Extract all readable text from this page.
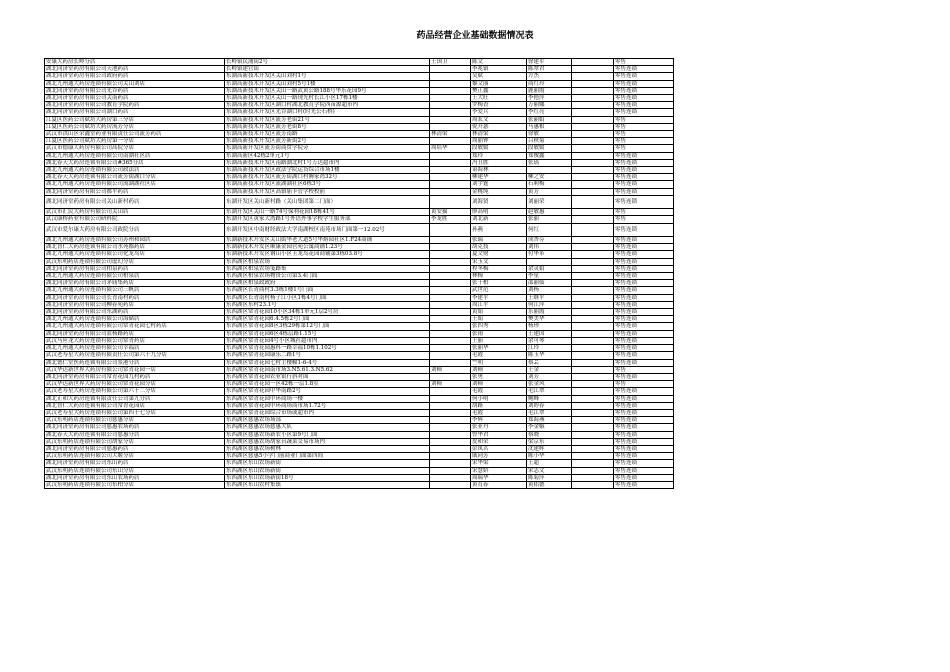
药品经营企业基础数据情况表
安康大药房长岭分店	长岭镇民浦街2号	王国卫	陈文	徐建军		零售
湖北同济堂药房有限公司天池药店	长岭镇建官街		李兆镇	陈翠君		零售连锁
湖北同济堂药房有限公司政府药店	东湖高新技术开发区关山刘村1号		吴斌	方杰		零售连锁
湖北九州通大药房连锁有限公司关山刘店	东湖高新技术开发区关山刘村5号1楼		黎文丽	商红玲		零售连锁
湖北同济堂药房有限公司光谷药店	东湖高新技术开发区关山一路武黄公路188号华乐花园9号		樊正鑫	鹿丽霞		零售连锁
湖北同济堂药房有限公司关南药店	东湖高新技术开发区关山一路现光村长江小区17栋1楼		王大旺	李艳萍		零售连锁
湖北同济堂药房有限公司教育学院药店	东湖高新技术开发区湖口村湖北教育学院西苗源超市内		罗梅香	万丽娜		零售连锁
湖北同济堂药房有限公司湖口药店	东湖高新技术开发区光谷湖口村(时光公石桥)		李爱兵	李红亮		零售连锁
江夏区医药公司斌坊大药房第三分店	东湖高新技术开发区流芳老街21号		周玄文	张丽娟		零售
江夏区医药公司斌坊大药房流芳分店	东湖高新技术开发区流芳老街8号		倪开瑟	马惠根		零售
武汉市洪山区荣鑫堂药业有限责任公司流芳药店	东湖高新技术开发区流芳南路	林清梁	林清梁	徐敏		零售
江夏区医药公司斌坊大药房第一分店	东湖高新技术开发区流芳新街2号		周丽钟	吕秋菊		零售
武汉市德康大药房有限公司高院分店	东湖高新开发区流芳街商贸学院旁	周培华	段敏媛	段敏媛		零售
湖北九州通大药房连锁有限公司南湖社区店	东湖高新区42栋2单元1号		郑玲	郑俊鑫		零售连锁
湖北春天大药房连锁有限公司#365分店	东湖高新技术开发区南路湖北村1号万达超市内		冯丑胜	张瑶		零售连锁
湖北九州通大药房连锁有限公司政法店	东湖高新技术开发区政法学院运货综合市场1楼		谌海林			零售连锁
湖北春天大药房连锁有限公司流芳街湖口分店	东湖高新技术开发区流芳街湖口村腾家湾32号		柳建华	柳之安		零售连锁
湖北九州通大药房连锁有限公司流湖湖社区店	东湖高新技术开发区流湖湖社区6栋3号		刘宇霆	石莉梅		零售连锁
湖北同济堂药房有限公司都平药店	东湖高新技术开发区高镇庙卡管学校校前		金桃纯	黄芳		零售连锁
湖北同济堂药房有限公司关山新村药店	东湖开发区关山新村路（关山集团第二门面）		刘海贤	刘丽荣		零售连锁
武汉市汇民大药房有限公司关山店	东湖开发区关山一路74号保利花园18栋41号	黄安猫	廖高明	赵敏惠		零售
武汉康桥药业有限公司研科院	东湖开发区黄家大湾路1号外语外事学校学生服务部	李龙胜	刘北新	张丽		零售
武汉市爱尔康大药房有限公司政院分店	东湖开发区中南财经政法大学南湖校区南苑市场门面第一12.02号		孙燕	何红		零售连锁
湖北九州通大药房连锁有限公司苏州和园店	东湖新技术开发区关山街华老大道5号华熔园社区1.F24商铺		张瑞	成杏芬		零售连锁
湖北智仁大药房连锁有限公司水苑都药店	东湖新技术开发区顺康金园营苑公寓商铺1.23号		胡克技	刘伟		零售连锁
湖北九州通大药房连锁有限公司化龙岛店	东湖新技术开发区钢山小区玉龙岛花园商铺第3栋03.8号		夏文财	付华革		零售连锁
武汉东明药店连锁有限公司虚幻分店	东西湖区柏泉农场		宋玉文			零售连锁
湖北同济堂药房有限公司柏泉药店	东西湖区柏泉农场笺路集		程冬梅	余灵娟		零售连锁
湖北九州通大药房连锁有限公司柏泉店	东西湖区柏泉农场物资公司第3.4门面		林梅	李星		零售连锁
湖北同济堂药房有限公司茅庙集药店	东西湖区柏泉政政府		张千柏	邵丽仙		零售连锁
湖北九州通大药房连锁有限公司三帆店	东西湖区长青商村3.3栋1楼1号门面		武世范	刘杨		零售连锁
湖北同济堂药房有限公司长青南村药店	东西湖区长青南村杨子江小区1栋4号门面		李建平	王继平		零售连锁
湖北同济堂药房有限公司柳春苑药店	东西湖区东村23.1号		周江平	何江萍		零售连锁
湖北同济堂药房有限公司东湖药店	东西湖区常青花园10小区34栋1单元1层2号房		黄娟	乐丽霞		零售连锁
湖北九州通大药房连锁有限公司海储店	东西湖区常青花园6.4.5栋2号门面		王娟	樊美华		零售连锁
湖北九州通大药房连锁有限公司常青花园七村药店	东西湖区常青花园8区3栋29栋第12号门面		张四秀	杨珍		零售连锁
湖北同济堂药房有限公司蓝杨路药店	东西湖区常青花园6区4栋层路1.15号		张雨	王建国		零售连锁
武汉马应龙大药房连锁有限公司常青药店	东西湖区常青花园4号小区城社超市内		王丽	余可琴		零售连锁
湖北九州通大药房连锁有限公司幸福店	东西湖区常青花园惠科一路幸福10栋1.102号		张丽华	江玲		零售连锁
武汉老寿星大药房连锁有限责任公司第六十九分店	东西湖区常青花园康乐二路1号		毛霞	陈玉华		零售连锁
湖北德仁堂医药连锁有限公司景港分店	东西湖区常青花园七村主楼幢1-6-4号		竺明	蔡芸		零售连锁
武汉华达新世界大药房有限公司常青花园一店	东西湖区常青花园南市场3.N5.61.3.N5.62	刘顿	刘顿	王金		零售
湖北同济堂药房有限公司常青花园九村药店	东西湖区常青花园农业银行斜对面		张勇	刘芳		零售连锁
武汉华达新世界大药房有限公司常青花园分店	东西湖区常青花园一区42栋一层1.8室	刘顿	刘顿	张金风		零售
武汉老寿星大药房连锁有限公司第六十二分店	东西湖区常青花园中华南路2号		毛霞	毛江翠		零售连锁
湖北正和大药房连锁有限责任公司第九分店	东西湖区常青花园中环商场一楼		何小明	鲍峰		零售连锁
湖北智仁大药房连锁有限公司常青花园店	东西湖区常青花园中环商场商市场1.72号		胡路	刘婷春		零售连锁
武汉老寿星大药房连锁有限公司第四十七分店	东西湖区常青花园综合市场或超市内		毛霞	毛江翠		零售连锁
武汉东明药店连锁有限公司慈惠分店	东西湖区慈惠农场场部		李辉	郑海燕		零售连锁
湖北同济堂药房有限公司慈惠农场药店	东西湖区慈惠农场慈惠大队		张亚丹	李金娥		零售连锁
湖北春天大药房连锁有限公司慈惠分店	东西湖区慈惠农场新农小区第9号门面		曾华君	蔡晓		零售连锁
武汉东明药店连锁有限公司胡家分店	东西湖区慈惠农场胡家台蔬菜交易市场内		皮和荣	梁京东		零售连锁
湖北同济堂药房有限公司慈惠药店	东西湖区慈惠农场树林		彭凤茗	沈建辉		零售连锁
武汉东明药店连锁有限公司大姬分店	东西湖区慈惠5小学门前商业门面第四间		戚同芳	陈小华		零售连锁
湖北同济堂药房有限公司东山药店	东西湖区东山农场新街		宋华梁	王超		零售连锁
武汉东明药店连锁有限公司东山分店	东西湖区东山农场新街		宋慧娇	宋志文		零售连锁
湖北同济堂药房有限公司东山农场药店	东西湖区东山农场新街18号		周瑞华	陈菊萍		零售连锁
武汉东明药店连锁有限公司东柏分店	东西湖区东山农村集镇		黄育春	黄佑德		零售连锁
